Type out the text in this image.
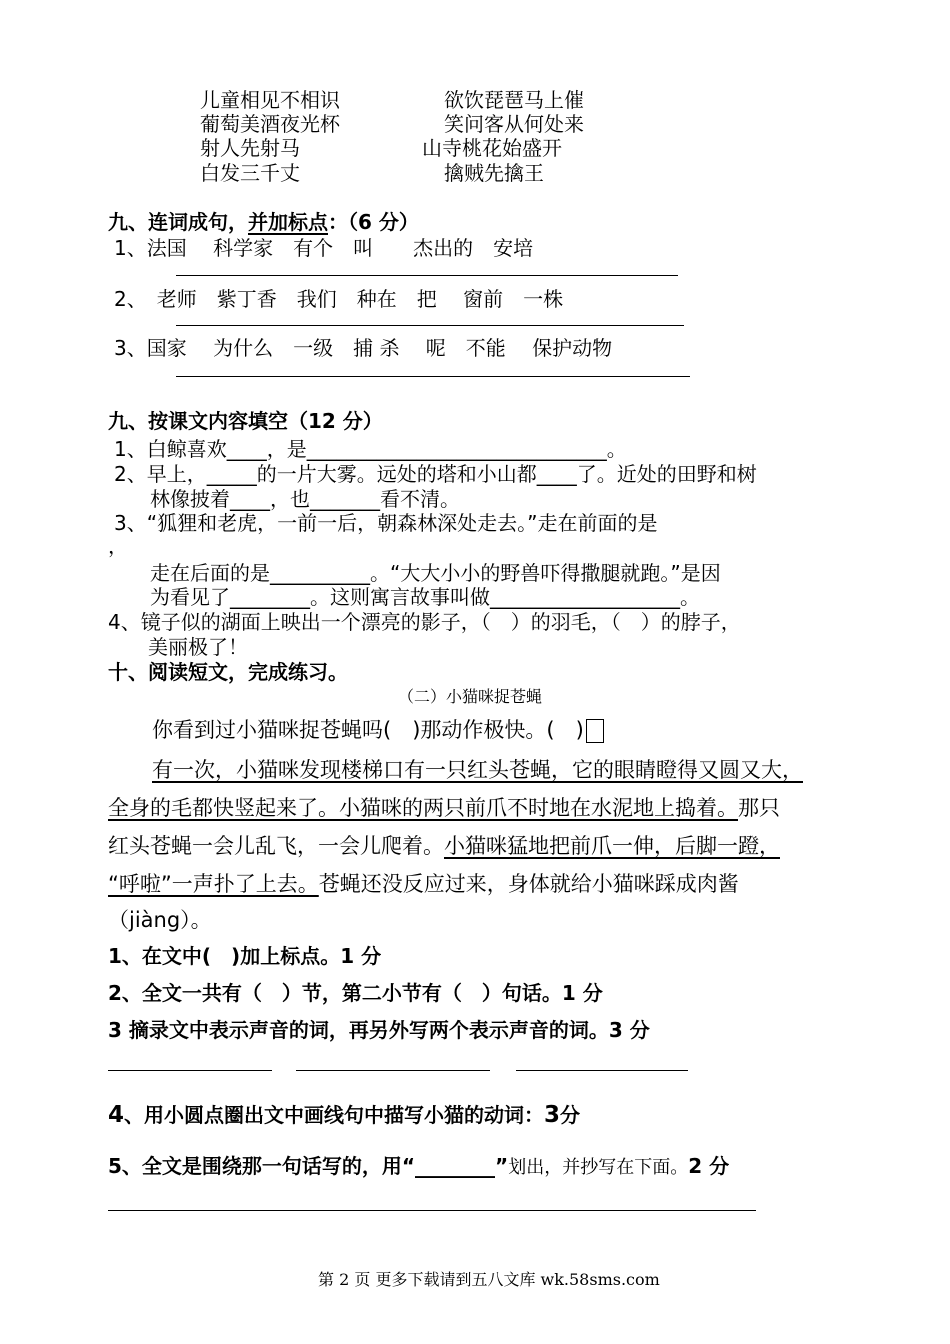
儿童相见不相识
葡萄美酒夜光杯
射人先射马
白发三千丈
欲饮琵琶马上催
笑问客从何处来
山寺桃花始盛开
擒贼先擒王
九、连词成句，并加标点：（6 分）
1、法国　 科学家　有个　叫　　杰出的　安培
2、　老师　紫丁香　我们　种在　把　 窗前　一株
3、国家　 为什么　一级　捕 杀　 呢　不能　 保护动物
九、按课文内容填空（12 分）
1、白鲸喜欢____，是______________________________。
2、早上，_____的一片大雾。远处的塔和小山都____了。近处的田野和树
林像披着____，也_______看不清。
3、“狐狸和老虎，一前一后，朝森林深处走去。”走在前面的是
，
走在后面的是__________。“大大小小的野兽吓得撒腿就跑。”是因
为看见了________。这则寓言故事叫做___________________。
4、镜子似的湖面上映出一个漂亮的影子，（　）的羽毛，（　）的脖子，
美丽极了！
十、阅读短文，完成练习。
（二）小猫咪捉苍蝇
你看到过小猫咪捉苍蝇吗(　)那动作极快。(　)
有一次，小猫咪发现楼梯口有一只红头苍蝇，它的眼睛瞪得又圆又大，
全身的毛都快竖起来了。小猫咪的两只前爪不时地在水泥地上捣着。那只
红头苍蝇一会儿乱飞，一会儿爬着。小猫咪猛地把前爪一伸，后脚一蹬，
“呼啦”一声扑了上去。苍蝇还没反应过来，身体就给小猫咪踩成肉酱
（jiàng）。
1、在文中(　)加上标点。1 分
2、全文一共有（　）节，第二小节有（　）句话。1 分
3 摘录文中表示声音的词，再另外写两个表示声音的词。3 分
4、用小圆点圈出文中画线句中描写小猫的动词：3分
5、全文是围绕那一句话写的，用“________”划出，并抄写在下面。2 分
第 2 页 更多下载请到五八文库 wk.58sms.com
